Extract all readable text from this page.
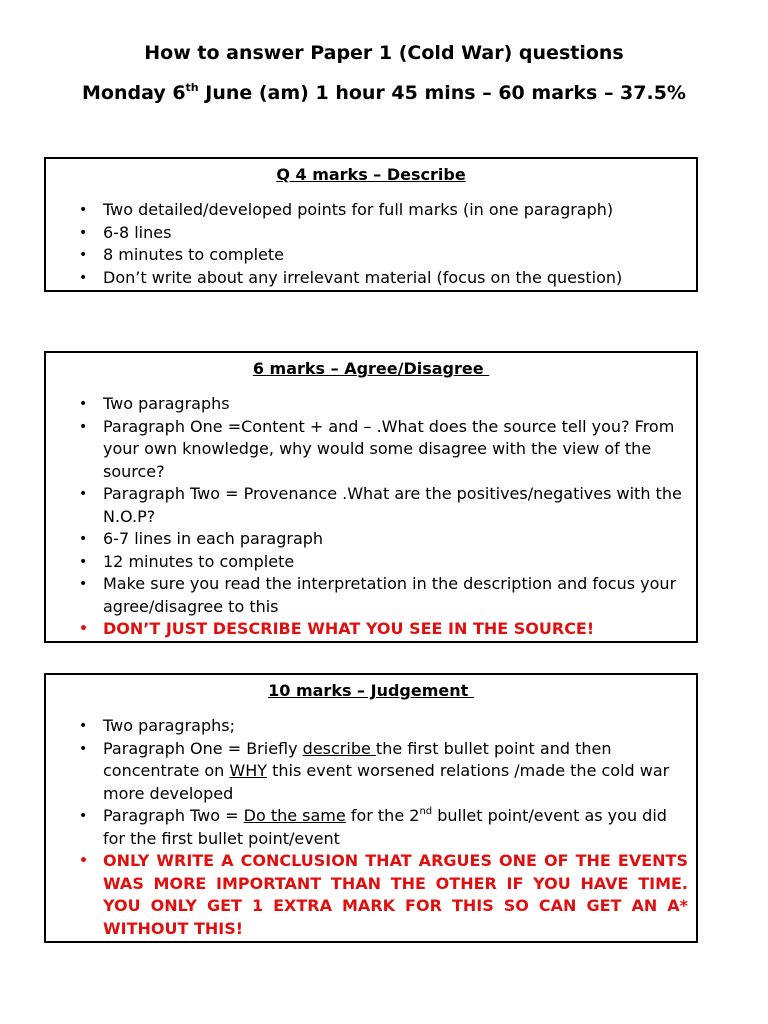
How to answer Paper 1 (Cold War) questions
Monday 6th June (am) 1 hour 45 mins – 60 marks – 37.5%
Q 4 marks – Describe
• Two detailed/developed points for full marks (in one paragraph)
• 6-8 lines
• 8 minutes to complete
• Don’t write about any irrelevant material (focus on the question)
6 marks – Agree/Disagree
• Two paragraphs
• Paragraph One =Content + and – .What does the source tell you? From your own knowledge, why would some disagree with the view of the source?
• Paragraph Two = Provenance .What are the positives/negatives with the N.O.P?
• 6-7 lines in each paragraph
• 12 minutes to complete
• Make sure you read the interpretation in the description and focus your agree/disagree to this
• DON’T JUST DESCRIBE WHAT YOU SEE IN THE SOURCE!
10 marks – Judgement
• Two paragraphs;
• Paragraph One = Briefly describe the first bullet point and then concentrate on WHY this event worsened relations /made the cold war more developed
• Paragraph Two = Do the same for the 2nd bullet point/event as you did for the first bullet point/event
• ONLY WRITE A CONCLUSION THAT ARGUES ONE OF THE EVENTS WAS MORE IMPORTANT THAN THE OTHER IF YOU HAVE TIME. YOU ONLY GET 1 EXTRA MARK FOR THIS SO CAN GET AN A* WITHOUT THIS!
